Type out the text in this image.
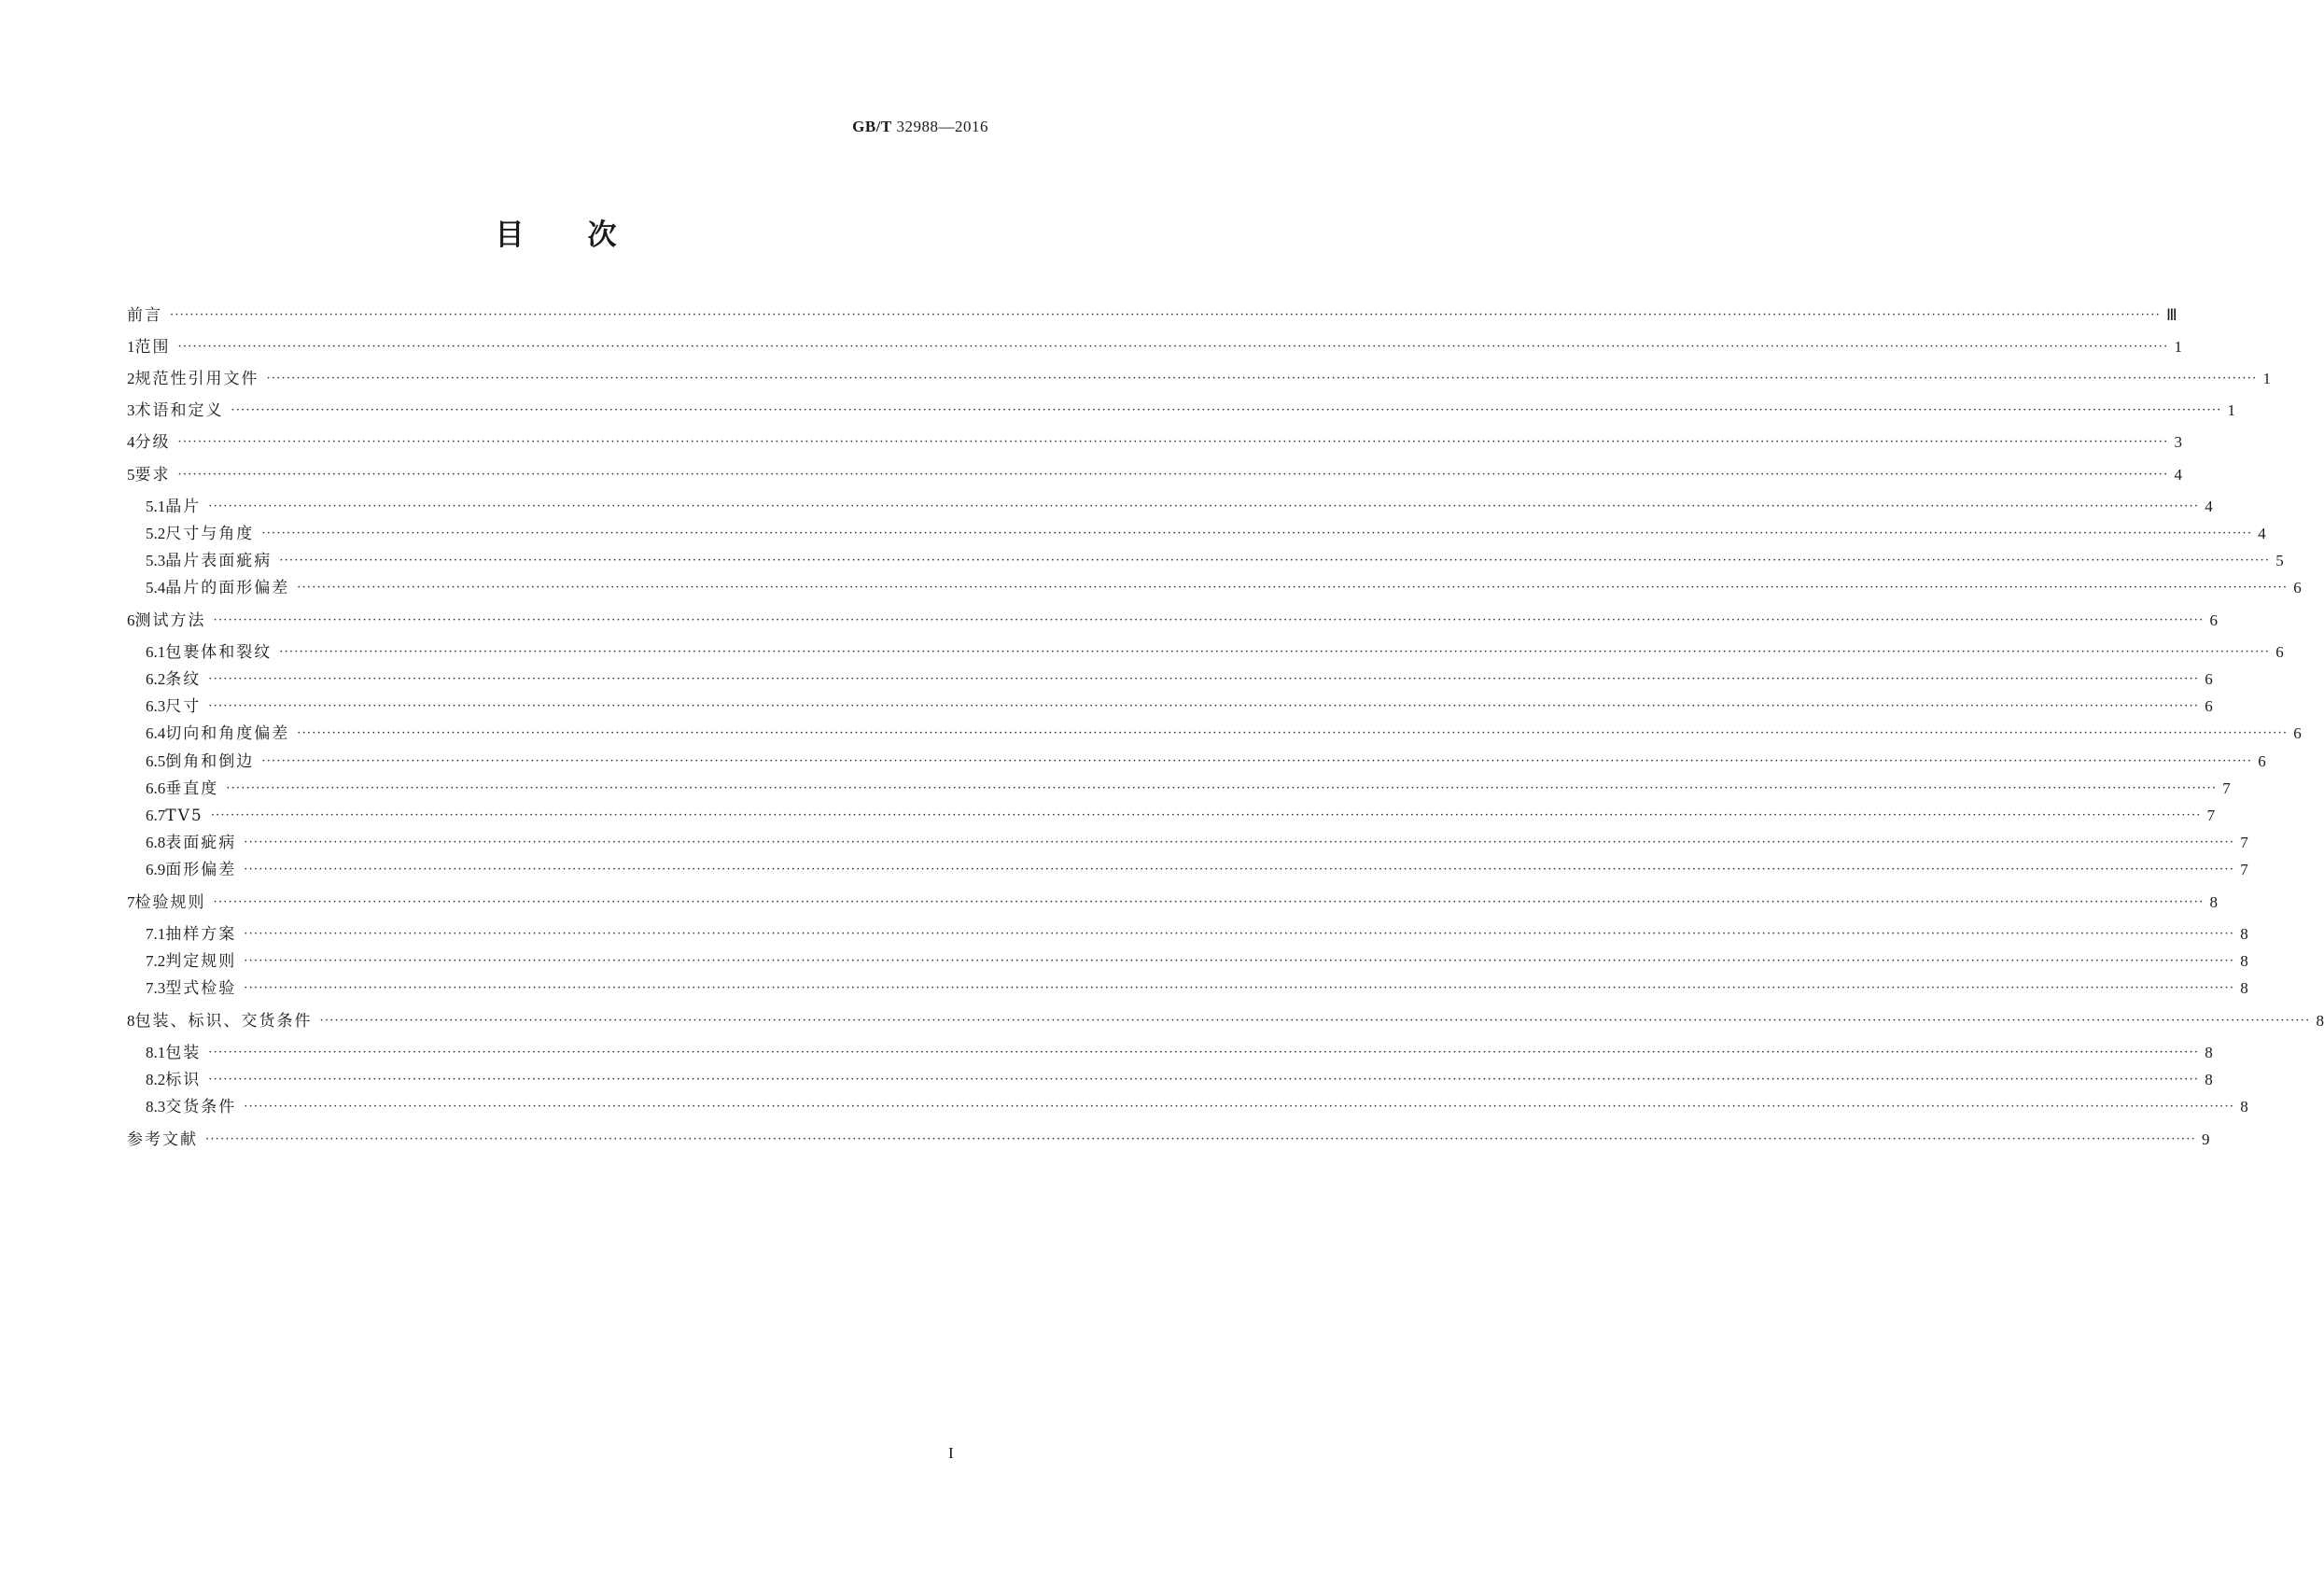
GB/T 32988—2016
目 次
前言 ················································································································································································································································································································································································································ Ⅲ
1 范围 ················································································································································································································································································································································································································ 1
2 规范性引用文件 ················································································································································································································································································································································································································ 1
3 术语和定义 ················································································································································································································································································································································································································ 1
4 分级 ················································································································································································································································································································································································································ 3
5 要求 ················································································································································································································································································································································································································ 4
5.1 晶片 ················································································································································································································································································································································································································ 4
5.2 尺寸与角度 ················································································································································································································································································································································································································ 4
5.3 晶片表面疵病 ················································································································································································································································································································································································································ 5
5.4 晶片的面形偏差 ················································································································································································································································································································································································································ 6
6 测试方法 ················································································································································································································································································································································································································ 6
6.1 包裹体和裂纹 ················································································································································································································································································································································································································ 6
6.2 条纹 ················································································································································································································································································································································································································ 6
6.3 尺寸 ················································································································································································································································································································································································································ 6
6.4 切向和角度偏差 ················································································································································································································································································································································································································ 6
6.5 倒角和倒边 ················································································································································································································································································································································································································ 6
6.6 垂直度 ················································································································································································································································································································································································································ 7
6.7 TV5 ················································································································································································································································································································································································································ 7
6.8 表面疵病 ················································································································································································································································································································································································································ 7
6.9 面形偏差 ················································································································································································································································································································································································································ 7
7 检验规则 ················································································································································································································································································································································································································ 8
7.1 抽样方案 ················································································································································································································································································································································································································ 8
7.2 判定规则 ················································································································································································································································································································································································································ 8
7.3 型式检验 ················································································································································································································································································································································································································ 8
8 包装、标识、交货条件 ················································································································································································································································································································································································································ 8
8.1 包装 ················································································································································································································································································································································································································ 8
8.2 标识 ················································································································································································································································································································································································································ 8
8.3 交货条件 ················································································································································································································································································································································································································ 8
参考文献 ················································································································································································································································································································································································································ 9
I
